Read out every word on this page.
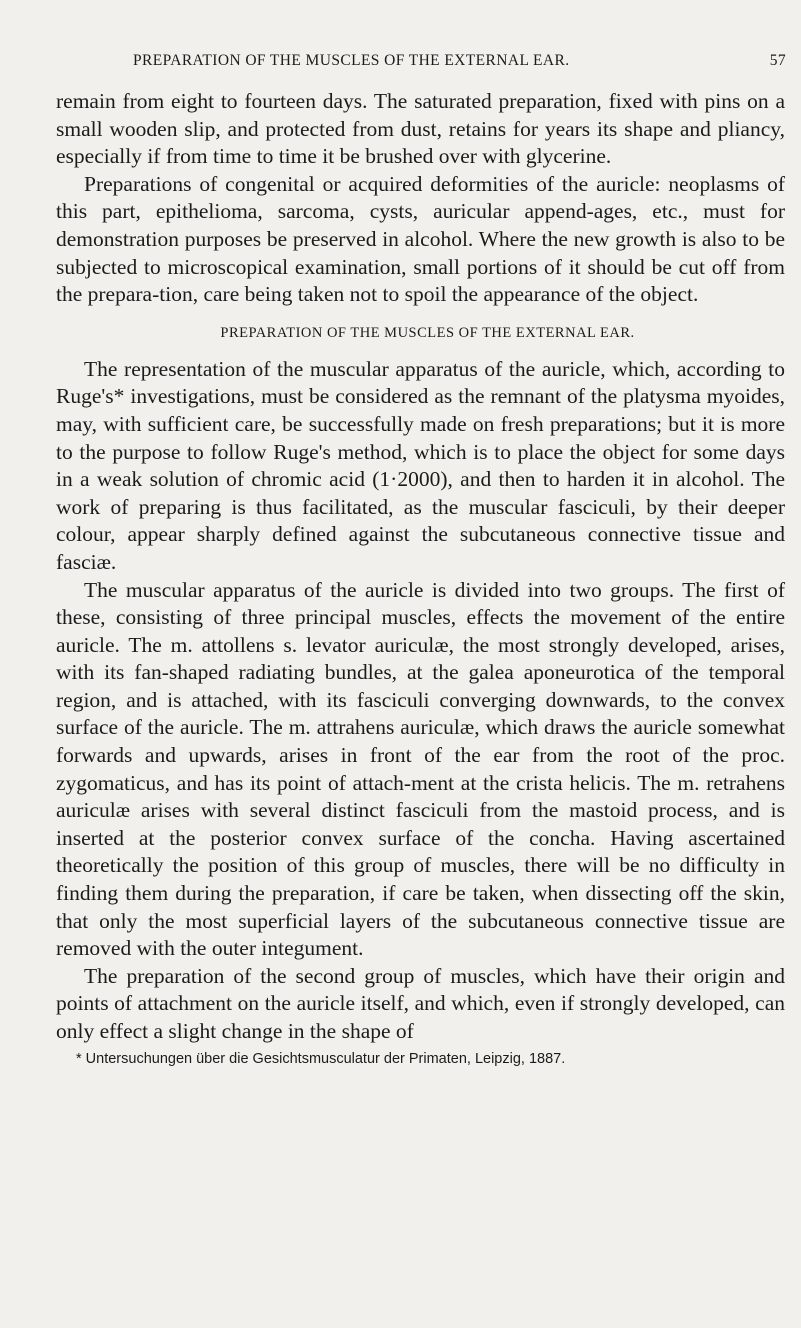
PREPARATION OF THE MUSCLES OF THE EXTERNAL EAR.	57

remain from eight to fourteen days. The saturated preparation, fixed with pins on a small wooden slip, and protected from dust, retains for years its shape and pliancy, especially if from time to time it be brushed over with glycerine.

Preparations of congenital or acquired deformities of the auricle: neoplasms of this part, epithelioma, sarcoma, cysts, auricular append-ages, etc., must for demonstration purposes be preserved in alcohol. Where the new growth is also to be subjected to microscopical examination, small portions of it should be cut off from the prepara-tion, care being taken not to spoil the appearance of the object.

PREPARATION OF THE MUSCLES OF THE EXTERNAL EAR.

The representation of the muscular apparatus of the auricle, which, according to Ruge's* investigations, must be considered as the remnant of the platysma myoides, may, with sufficient care, be successfully made on fresh preparations; but it is more to the purpose to follow Ruge's method, which is to place the object for some days in a weak solution of chromic acid (1·2000), and then to harden it in alcohol. The work of preparing is thus facilitated, as the muscular fasciculi, by their deeper colour, appear sharply defined against the subcutaneous connective tissue and fasciæ.

The muscular apparatus of the auricle is divided into two groups. The first of these, consisting of three principal muscles, effects the movement of the entire auricle. The m. attollens s. levator auriculæ, the most strongly developed, arises, with its fan-shaped radiating bundles, at the galea aponeurotica of the temporal region, and is attached, with its fasciculi converging downwards, to the convex surface of the auricle. The m. attrahens auriculæ, which draws the auricle somewhat forwards and upwards, arises in front of the ear from the root of the proc. zygomaticus, and has its point of attach-ment at the crista helicis. The m. retrahens auriculæ arises with several distinct fasciculi from the mastoid process, and is inserted at the posterior convex surface of the concha. Having ascertained theoretically the position of this group of muscles, there will be no difficulty in finding them during the preparation, if care be taken, when dissecting off the skin, that only the most superficial layers of the subcutaneous connective tissue are removed with the outer integument.

The preparation of the second group of muscles, which have their origin and points of attachment on the auricle itself, and which, even if strongly developed, can only effect a slight change in the shape of

* Untersuchungen über die Gesichtsmusculatur der Primaten, Leipzig, 1887.
